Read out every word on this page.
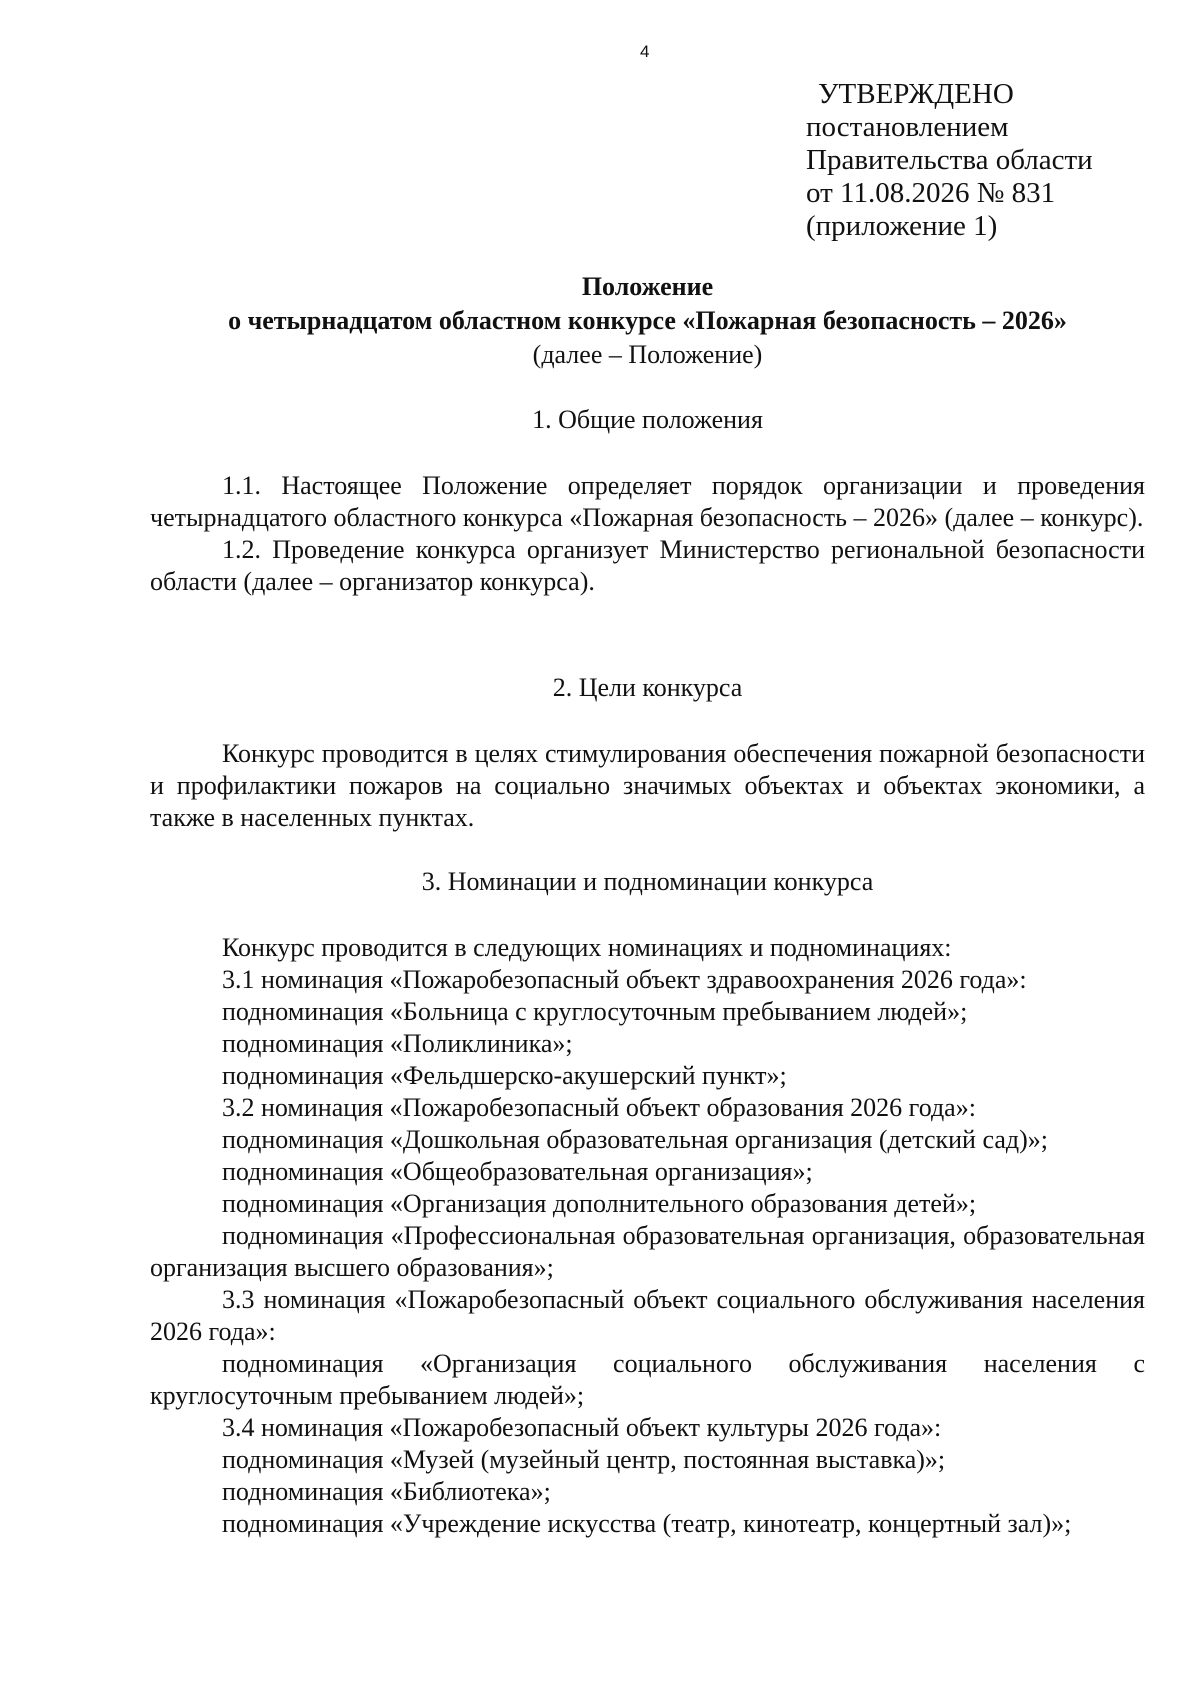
4
УТВЕРЖДЕНО
постановлением
Правительства области
от 11.08.2026 № 831
(приложение 1)
Положение
о четырнадцатом областном конкурсе «Пожарная безопасность – 2026»
(далее – Положение)
1. Общие положения

1.1. Настоящее Положение определяет порядок организации и проведения четырнадцатого областного конкурса «Пожарная безопасность – 2026» (далее – конкурс).

1.2. Проведение конкурса организует Министерство региональной безопасности области (далее – организатор конкурса).

2. Цели конкурса

Конкурс проводится в целях стимулирования обеспечения пожарной безопасности и профилактики пожаров на социально значимых объектах и объектах экономики, а также в населенных пунктах.

3. Номинации и подноминации конкурса

Конкурс проводится в следующих номинациях и подноминациях:

3.1 номинация «Пожаробезопасный объект здравоохранения 2026 года»:

подноминация «Больница с круглосуточным пребыванием людей»;

подноминация «Поликлиника»;

подноминация «Фельдшерско-акушерский пункт»;

3.2 номинация «Пожаробезопасный объект образования 2026 года»:

подноминация «Дошкольная образовательная организация (детский сад)»;

подноминация «Общеобразовательная организация»;

подноминация «Организация дополнительного образования детей»;

подноминация «Профессиональная образовательная организация, образовательная организация высшего образования»;

3.3 номинация «Пожаробезопасный объект социального обслуживания населения 2026 года»:

подноминация «Организация социального обслуживания населения с круглосуточным пребыванием людей»;

3.4 номинация «Пожаробезопасный объект культуры 2026 года»:

подноминация «Музей (музейный центр, постоянная выставка)»;

подноминация «Библиотека»;

подноминация «Учреждение искусства (театр, кинотеатр, концертный зал)»;
